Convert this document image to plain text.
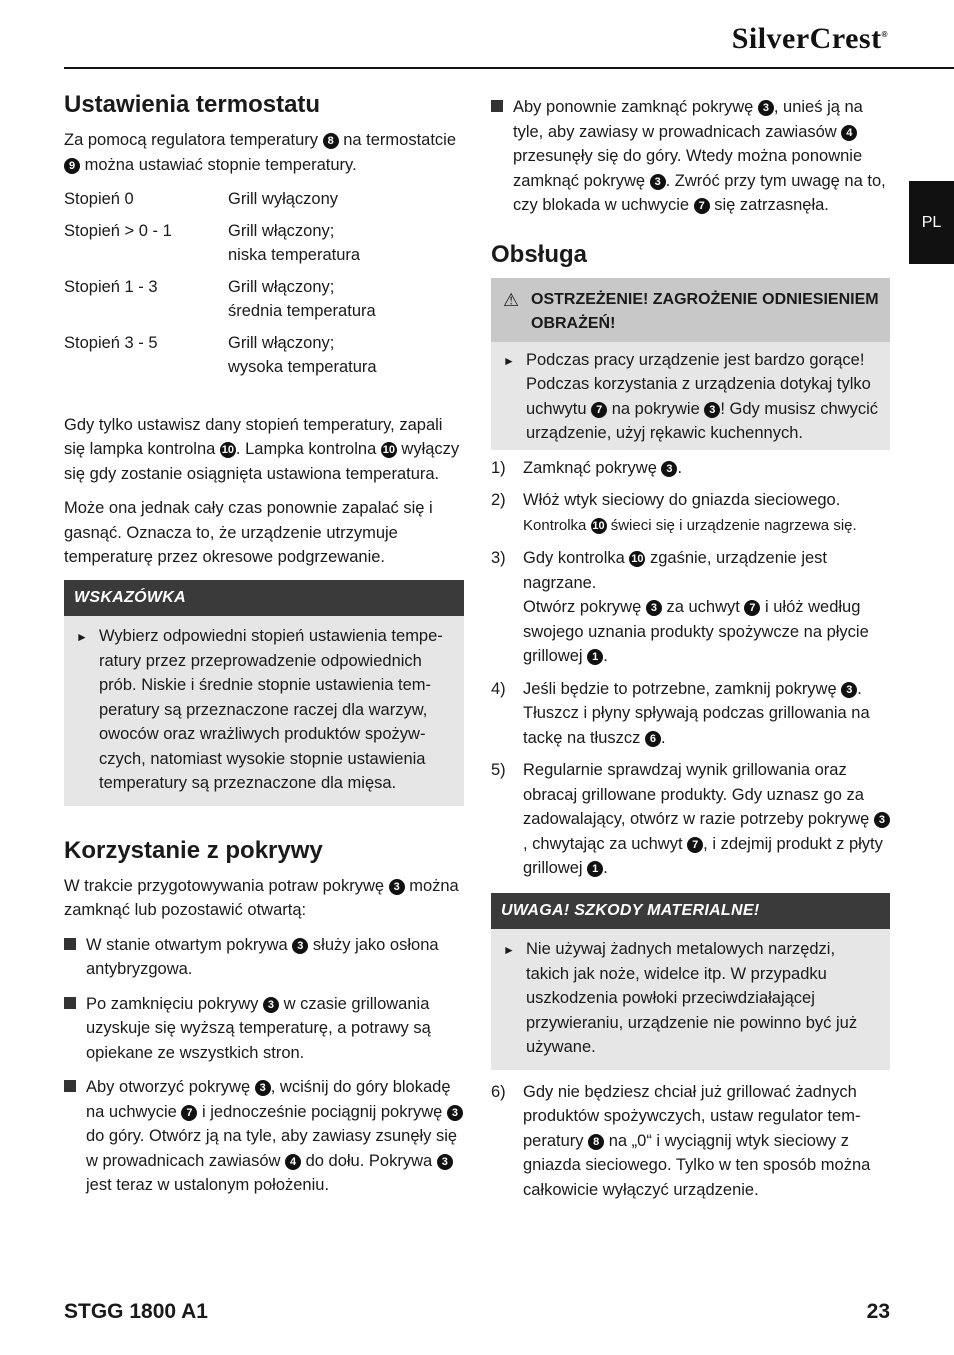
SilverCrest®
PL
Ustawienia termostatu

Za pomocą regulatora temperatury 8 na termostatcie 9 można ustawiać stopnie temperatury.

Stopień 0	Grill wyłączony

Stopień > 0 - 1	Grill włączony;
niska temperatura

Stopień 1 - 3	Grill włączony;
średnia temperatura

Stopień 3 - 5	Grill włączony;
wysoka temperatura

Gdy tylko ustawisz dany stopień temperatury, zapali się lampka kontrolna 10 . Lampka kontrolna 10 wyłączy się gdy zostanie osiągnięta ustawiona temperatura.

Może ona jednak cały czas ponownie zapalać się i gasnąć. Oznacza to, że urządzenie utrzymuje temperaturę przez okresowe podgrzewanie.

WSKAZÓWKA
► Wybierz odpowiedni stopień ustawienia temperatury przez przeprowadzenie odpowiednich prób. Niskie i średnie stopnie ustawienia temperatury są przeznaczone raczej dla warzyw, owoców oraz wrażliwych produktów spożywczych, natomiast wysokie stopnie ustawienia temperatury są przeznaczone dla mięsa.
Korzystanie z pokrywy

W trakcie przygotowywania potraw pokrywę 3 można zamknąć lub pozostawić otwartą:

W stanie otwartym pokrywa 3 służy jako osłona antybryzgowa.
Po zamknięciu pokrywy 3 w czasie grillowania uzyskuje się wyższą temperaturę, a potrawy są opiekane ze wszystkich stron.
Aby otworzyć pokrywę 3 , wciśnij do góry blokadę na uchwycie 7 i jednocześnie pociągnij pokrywę 3 do góry. Otwórz ją na tyle, aby zawiasy zsunęły się w prowadnicach zawiasów 4 do dołu. Pokrywa 3 jest teraz w ustalonym położeniu.
Aby ponownie zamknąć pokrywę 3 , unieś ją na tyle, aby zawiasy w prowadnicach zawiasów 4 przesunęły się do góry. Wtedy można ponownie zamknąć pokrywę 3 . Zwróć przy tym uwagę na to, czy blokada w uchwycie 7 się zatrzasnęła.
Obsługa
⚠ OSTRZEŻENIE! ZAGROŻENIE ODNIESIENIEM OBRAŻEŃ!
► Podczas pracy urządzenie jest bardzo gorące! Podczas korzystania z urządzenia dotykaj tylko uchwytu 7 na pokrywie 3 ! Gdy musisz chwycić urządzenie, użyj rękawic kuchennych.
1)	Zamknąć pokrywę 3 .
2)	Włóż wtyk sieciowy do gniazda sieciowego.
Kontrolka 10 świeci się i urządzenie nagrzewa się.
3)	Gdy kontrolka 10 zgaśnie, urządzenie jest nagrzane.
Otwórz pokrywę 3 za uchwyt 7 i ułóż według swojego uznania produkty spożywcze na płycie grillowej 1 .
4)	Jeśli będzie to potrzebne, zamknij pokrywę 3 . Tłuszcz i płyny spływają podczas grillowania na tackę na tłuszcz 6 .
5)	Regularnie sprawdzaj wynik grillowania oraz obracaj grillowane produkty. Gdy uznasz go za zadowalający, otwórz w razie potrzeby pokrywę 3, chwytając za uchwyt 7 , i zdejmij produkt z płyty grillowej 1 .
UWAGA! SZKODY MATERIALNE!
► Nie używaj żadnych metalowych narzędzi, takich jak noże, widelce itp. W przypadku uszkodzenia powłoki przeciwdziałającej przywieraniu, urządzenie nie powinno być już używane.
6)	Gdy nie będziesz chciał już grillować żadnych produktów spożywczych, ustaw regulator temperatury 8 na „0“ i wyciągnij wtyk sieciowy z gniazda sieciowego. Tylko w ten sposób można całkowicie wyłączyć urządzenie.
STGG 1800 A1	23
